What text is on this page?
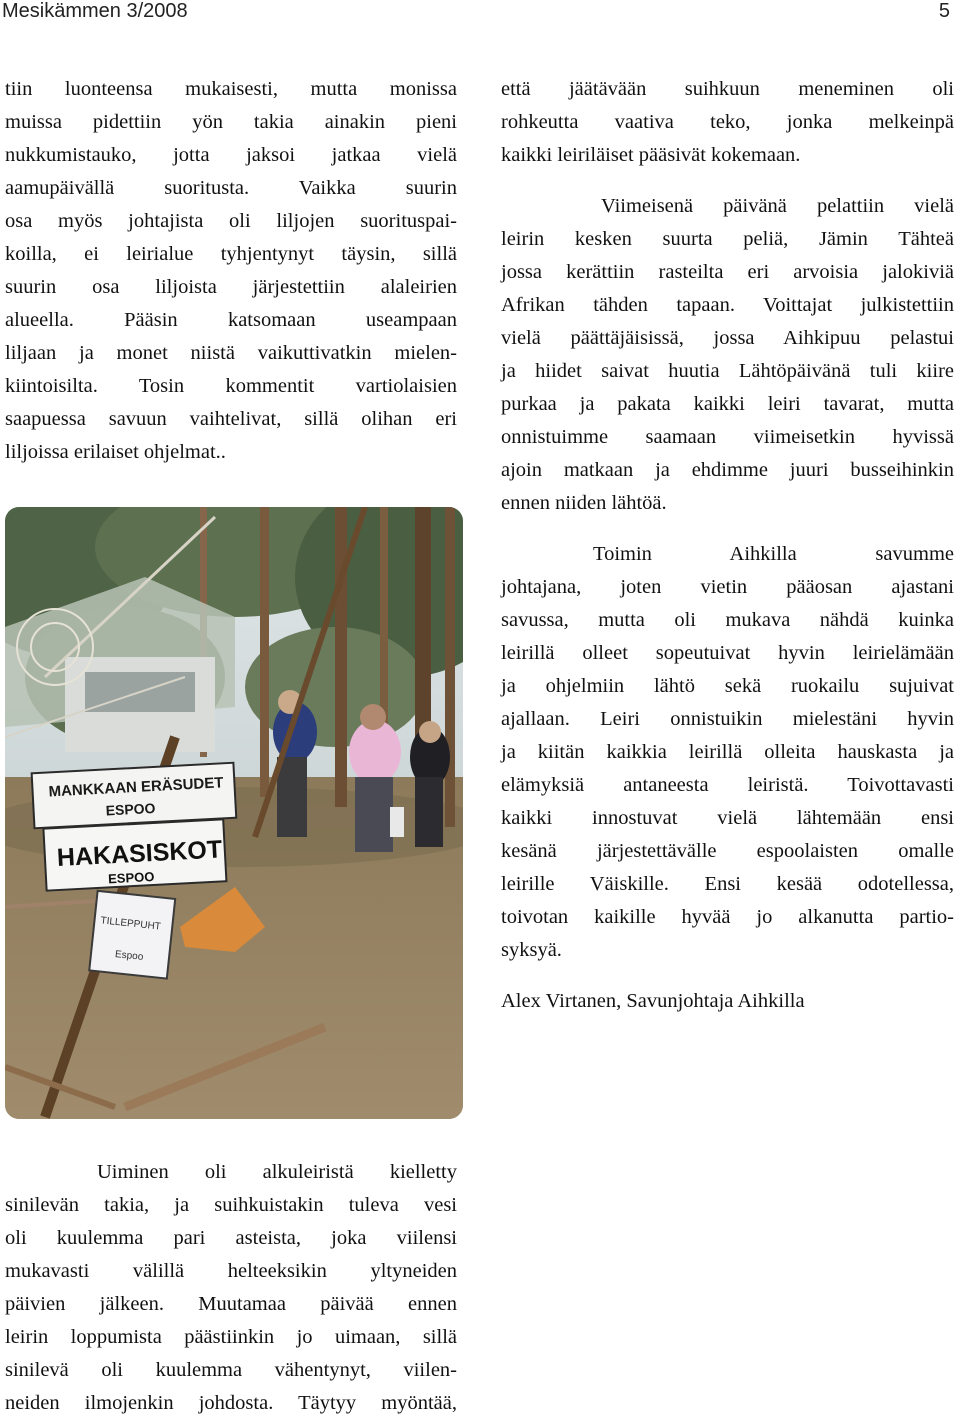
Mesikämmen 3/2008	5
tiin luonteensa mukaisesti, mutta monissa
muissa pidettiin yön takia ainakin pieni
nukkumistauko, jotta jaksoi jatkaa vielä
aamupäivällä suoritusta. Vaikka suurin
osa myös johtajista oli liljojen suorituspai-
koilla, ei leirialue tyhjentynyt täysin, sillä
suurin osa liljoista järjestettiin alaleirien
alueella. Pääsin katsomaan useampaan
liljaan ja monet niistä vaikuttivatkin mielen-
kiintoisilta. Tosin kommentit vartiolaisien
saapuessa savuun vaihtelivat, sillä olihan eri
liljoissa erilaiset ohjelmat..
MANKKAAN ERÄSUDET
ESPOO
HAKASISKOT
ESPOO
TILLEPPUHT
Espoo
että jäätävään suihkuun meneminen oli
rohkeutta vaativa teko, jonka melkeinpä
kaikki leiriläiset pääsivät kokemaan.
Viimeisenä päivänä pelattiin vielä
leirin kesken suurta peliä, Jämin Tähteä
jossa kerättiin rasteilta eri arvoisia jalokiviä
Afrikan tähden tapaan. Voittajat julkistettiin
vielä päättäjäisissä, jossa Aihkipuu pelastui
ja hiidet saivat huutia Lähtöpäivänä tuli kiire
purkaa ja pakata kaikki leiri tavarat, mutta
onnistuimme saamaan viimeisetkin hyvissä
ajoin matkaan ja ehdimme juuri busseihinkin
ennen niiden lähtöä.
Toimin Aihkilla savumme
johtajana, joten vietin pääosan ajastani
savussa, mutta oli mukava nähdä kuinka
leirillä olleet sopeutuivat hyvin leirielämään
ja ohjelmiin lähtö sekä ruokailu sujuivat
ajallaan. Leiri onnistuikin mielestäni hyvin
ja kiitän kaikkia leirillä olleita hauskasta ja
elämyksiä antaneesta leiristä. Toivottavasti
kaikki innostuvat vielä lähtemään ensi
kesänä järjestettävälle espoolaisten omalle
leirille Väiskille. Ensi kesää odotellessa,
toivotan kaikille hyvää jo alkanutta partio-
syksyä.
Alex Virtanen, Savunjohtaja Aihkilla
Uiminen oli alkuleiristä kielletty
sinilevän takia, ja suihkuistakin tuleva vesi
oli kuulemma pari asteista, joka viilensi
mukavasti välillä helteeksikin yltyneiden
päivien jälkeen. Muutamaa päivää ennen
leirin loppumista päästiinkin jo uimaan, sillä
sinilevä oli kuulemma vähentynyt, viilen-
neiden ilmojenkin johdosta. Täytyy myöntää,
